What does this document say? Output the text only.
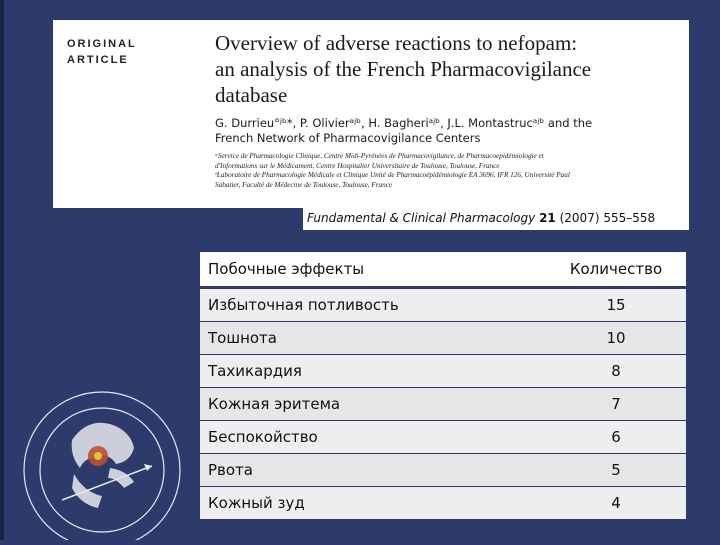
ORIGINAL
ARTICLE
Overview of adverse reactions to nefopam:
an analysis of the French Pharmacovigilance
database
G. Durrieu°ʲᵇ*, P. Olivierᵃʲᵇ, H. Bagheriᵃʲᵇ, J.L. Montastrucᵃʲᵇ and the
French Network of Pharmacovigilance Centers
ᵃService de Pharmacologie Clinique, Centre Midi-Pyrénées de Pharmacovigilance, de Pharmacoepidémiologie et
d'Informations sur le Médicament, Centre Hospitalier Universitaire de Toulouse, Toulouse, France
ᵇLaboratoire de Pharmacologie Médicale et Clinique Unité de Pharmacoépidémiologie EA 3696, IFR 126, Université Paul
Sabatier, Faculté de Médecine de Toulouse, Toulouse, France
Fundamental & Clinical Pharmacology 21 (2007) 555–558
Побочные эффекты	Количество
Избыточная потливость	15
Тошнота	10
Тахикардия	8
Кожная эритема	7
Беспокойство	6
Рвота	5
Кожный зуд	4
